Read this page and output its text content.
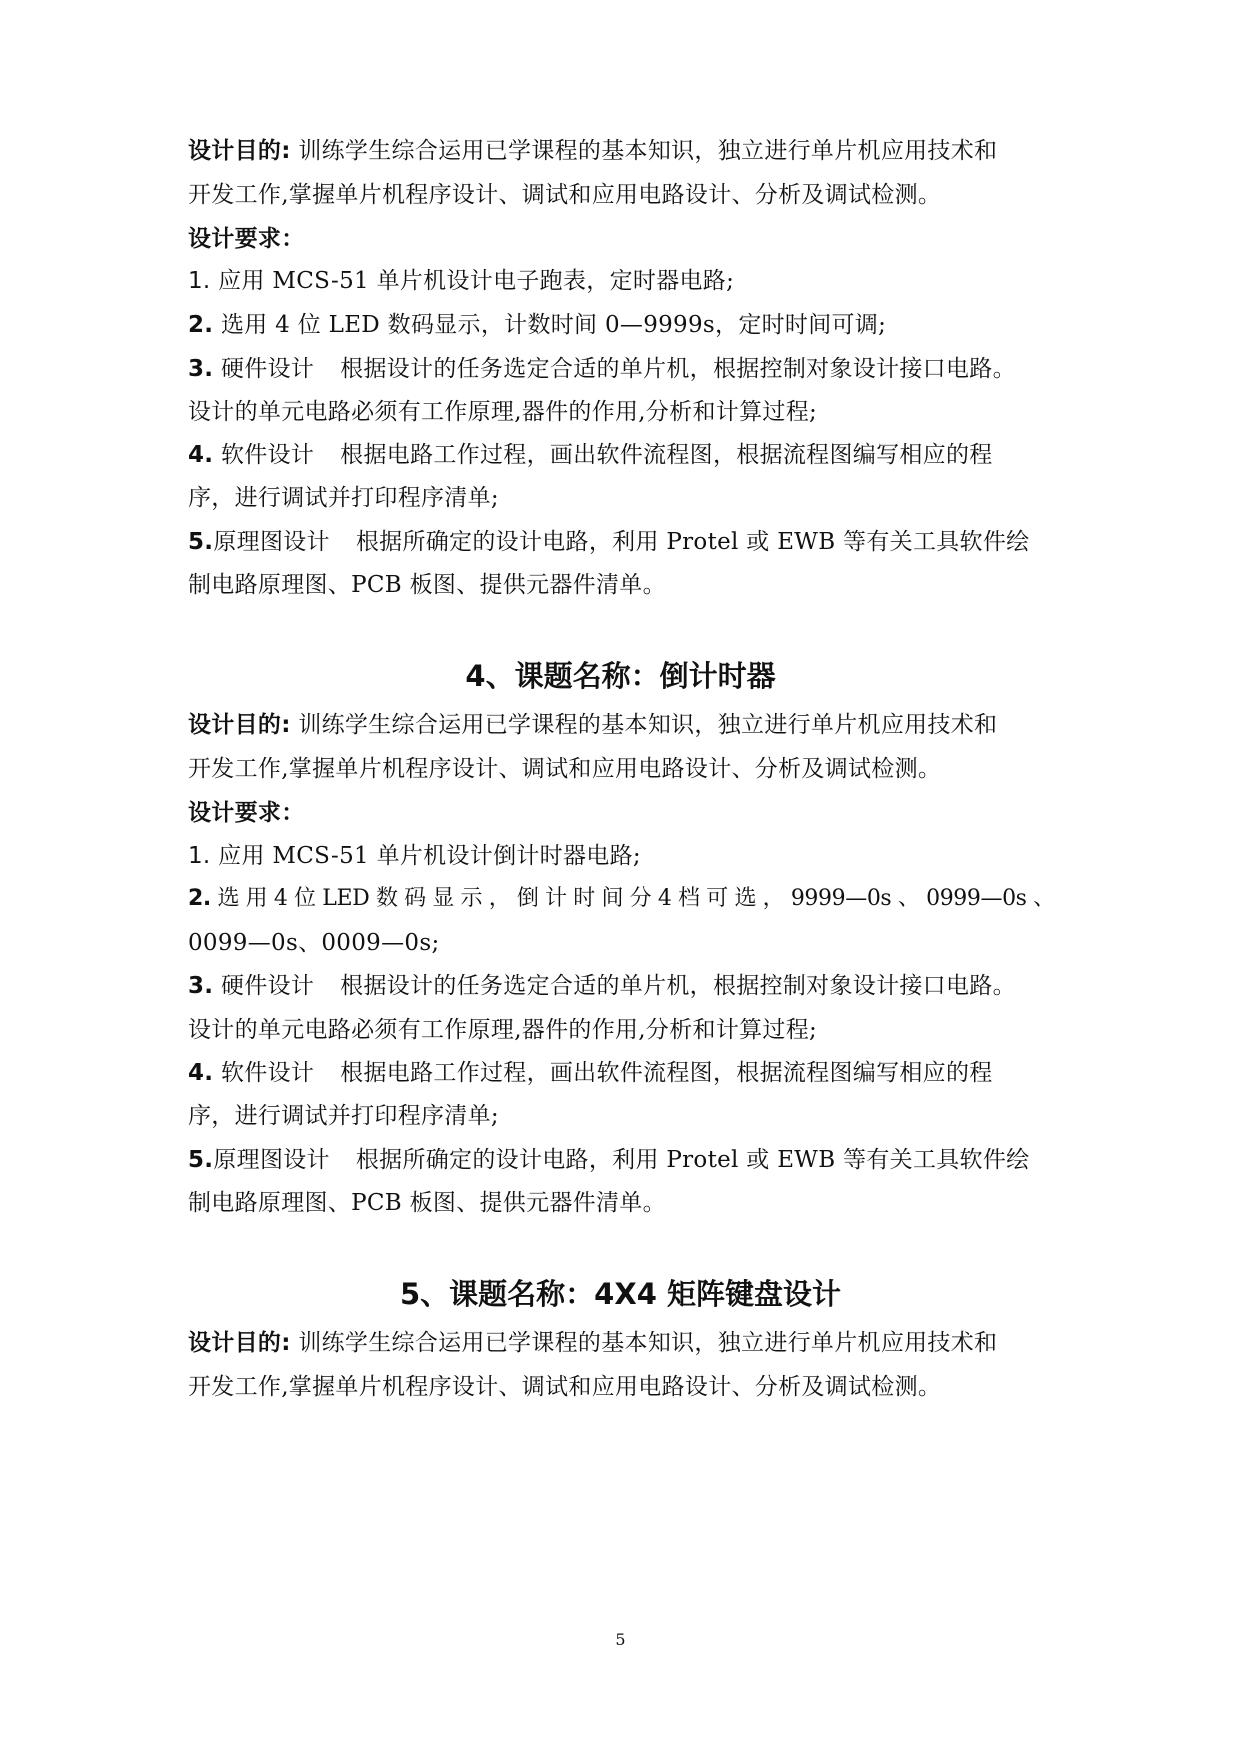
设计目的: 训练学生综合运用已学课程的基本知识，独立进行单片机应用技术和
开发工作,掌握单片机程序设计、调试和应用电路设计、分析及调试检测。
设计要求：
1. 应用 MCS-51 单片机设计电子跑表，定时器电路;
2. 选用 4 位 LED 数码显示，计数时间 0—9999s，定时时间可调;
3. 硬件设计 根据设计的任务选定合适的单片机，根据控制对象设计接口电路。
设计的单元电路必须有工作原理,器件的作用,分析和计算过程;
4. 软件设计 根据电路工作过程，画出软件流程图，根据流程图编写相应的程
序，进行调试并打印程序清单;
5.原理图设计 根据所确定的设计电路，利用 Protel 或 EWB 等有关工具软件绘
制电路原理图、PCB 板图、提供元器件清单。
4、课题名称：倒计时器
设计目的: 训练学生综合运用已学课程的基本知识，独立进行单片机应用技术和
开发工作,掌握单片机程序设计、调试和应用电路设计、分析及调试检测。
设计要求：
1. 应用 MCS-51 单片机设计倒计时器电路;
2. 选 用 4 位 LED 数 码 显 示 ， 倒 计 时 间 分 4 档 可 选 ， 9999—0s 、 0999—0s 、
0099—0s、0009—0s;
3. 硬件设计 根据设计的任务选定合适的单片机，根据控制对象设计接口电路。
设计的单元电路必须有工作原理,器件的作用,分析和计算过程;
4. 软件设计 根据电路工作过程，画出软件流程图，根据流程图编写相应的程
序，进行调试并打印程序清单;
5.原理图设计 根据所确定的设计电路，利用 Protel 或 EWB 等有关工具软件绘
制电路原理图、PCB 板图、提供元器件清单。
5、课题名称：4X4 矩阵键盘设计
设计目的: 训练学生综合运用已学课程的基本知识，独立进行单片机应用技术和
开发工作,掌握单片机程序设计、调试和应用电路设计、分析及调试检测。
5
